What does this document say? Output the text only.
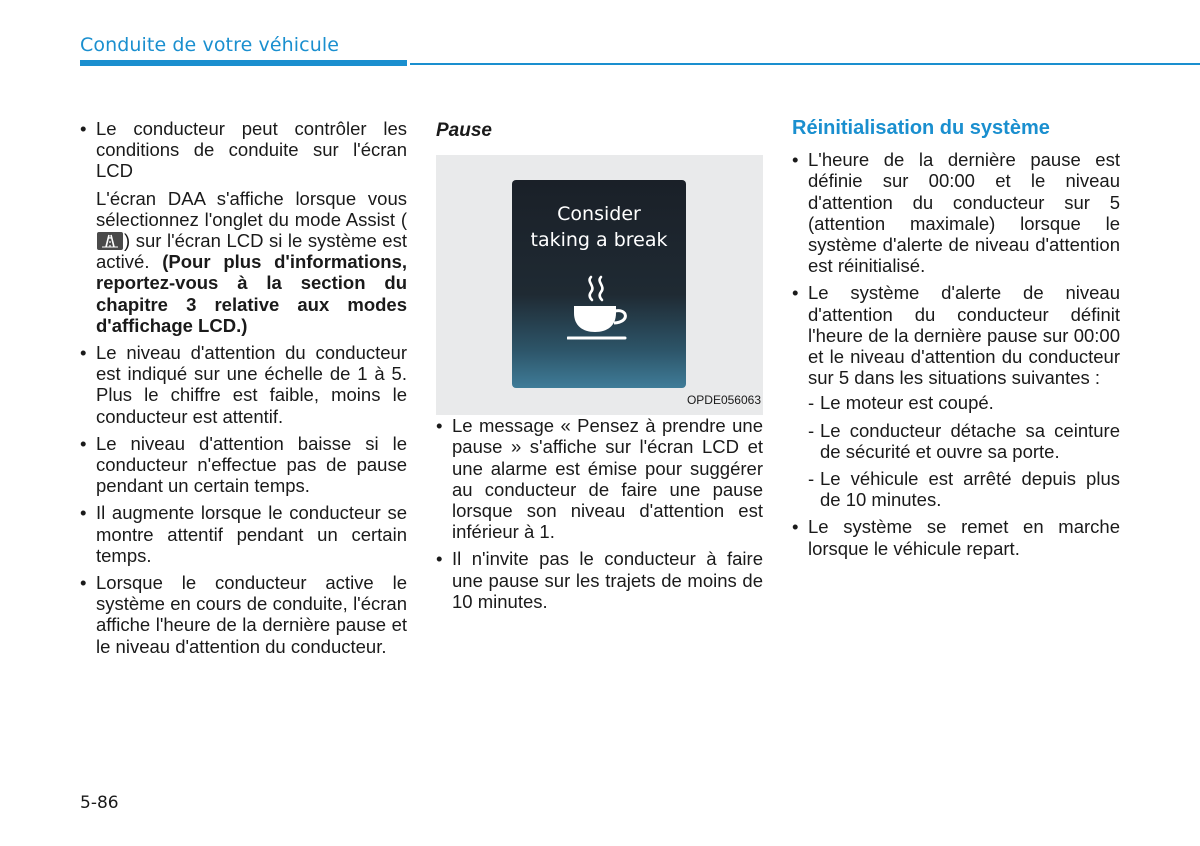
Conduite de votre véhicule
• Le conducteur peut contrôler les conditions de conduite sur l'écran LCD

L'écran DAA s'affiche lorsque vous sélectionnez l'onglet du mode Assist (
) sur l'écran LCD si le système est activé. (Pour plus d'informations, reportez-vous à la section du chapitre 3 relative aux modes d'affichage LCD.)

• Le niveau d'attention du conducteur est indiqué sur une échelle de 1 à 5. Plus le chiffre est faible, moins le conducteur est attentif.
• Le niveau d'attention baisse si le conducteur n'effectue pas de pause pendant un certain temps.
• Il augmente lorsque le conducteur se montre attentif pendant un certain temps.
• Lorsque le conducteur active le système en cours de conduite, l'écran affiche l'heure de la dernière pause et le niveau d'attention du conducteur.
Pause
Consider
taking a break
OPDE056063
• Le message « Pensez à prendre une pause » s'affiche sur l'écran LCD et une alarme est émise pour suggérer au conducteur de faire une pause lorsque son niveau d'attention est inférieur à 1.
• Il n'invite pas le conducteur à faire une pause sur les trajets de moins de 10 minutes.
Réinitialisation du système
• L'heure de la dernière pause est définie sur 00:00 et le niveau d'attention du conducteur sur 5 (attention maximale) lorsque le système d'alerte de niveau d'attention est réinitialisé.
• Le système d'alerte de niveau d'attention du conducteur définit l'heure de la dernière pause sur 00:00 et le niveau d'attention du conducteur sur 5 dans les situations suivantes :
- Le moteur est coupé.
- Le conducteur détache sa ceinture de sécurité et ouvre sa porte.
- Le véhicule est arrêté depuis plus de 10 minutes.
• Le système se remet en marche lorsque le véhicule repart.
5-86
